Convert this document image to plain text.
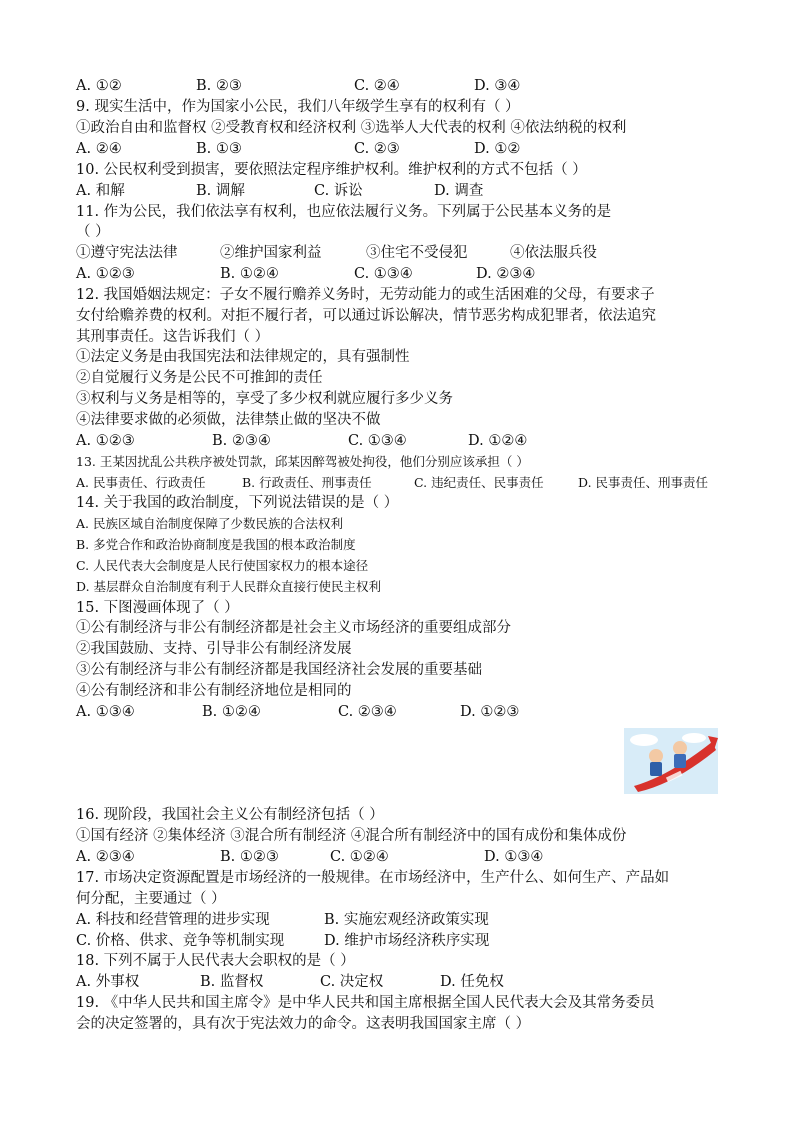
A. ①②	B. ②③	C. ②④	D. ③④
9. 现实生活中，作为国家小公民，我们八年级学生享有的权利有（ ）
①政治自由和监督权 ②受教育权和经济权利 ③选举人大代表的权利 ④依法纳税的权利
A. ②④	B. ①③	C. ②③	D. ①②
10. 公民权利受到损害，要依照法定程序维护权利。维护权利的方式不包括（ ）
A. 和解	B. 调解	C. 诉讼	D. 调查
11. 作为公民，我们依法享有权利，也应依法履行义务。下列属于公民基本义务的是
（ ）
①遵守宪法法律	②维护国家利益	③住宅不受侵犯	④依法服兵役
A. ①②③	B. ①②④	C. ①③④	D. ②③④
12. 我国婚姻法规定：子女不履行赡养义务时，无劳动能力的或生活困难的父母，有要求子
女付给赡养费的权利。对拒不履行者，可以通过诉讼解决，情节恶劣构成犯罪者，依法追究
其刑事责任。这告诉我们（ ）
①法定义务是由我国宪法和法律规定的，具有强制性
②自觉履行义务是公民不可推卸的责任
③权利与义务是相等的，享受了多少权利就应履行多少义务
④法律要求做的必须做，法律禁止做的坚决不做
A. ①②③	B. ②③④	C. ①③④	D. ①②④
13. 王某因扰乱公共秩序被处罚款，邱某因醉驾被处拘役，他们分别应该承担（ ）
A. 民事责任、行政责任	B. 行政责任、刑事责任	C. 违纪责任、民事责任	D. 民事责任、刑事责任
14. 关于我国的政治制度，下列说法错误的是（ ）
A. 民族区域自治制度保障了少数民族的合法权利
B. 多党合作和政治协商制度是我国的根本政治制度
C. 人民代表大会制度是人民行使国家权力的根本途径
D. 基层群众自治制度有利于人民群众直接行使民主权利
15. 下图漫画体现了（ ）
①公有制经济与非公有制经济都是社会主义市场经济的重要组成部分
②我国鼓励、支持、引导非公有制经济发展
③公有制经济与非公有制经济都是我国经济社会发展的重要基础
④公有制经济和非公有制经济地位是相同的
A. ①③④	B. ①②④	C. ②③④	D. ①②③
16. 现阶段，我国社会主义公有制经济包括（ ）
①国有经济 ②集体经济 ③混合所有制经济 ④混合所有制经济中的国有成份和集体成份
A. ②③④	B. ①②③	C. ①②④	D. ①③④
17. 市场决定资源配置是市场经济的一般规律。在市场经济中，生产什么、如何生产、产品如
何分配，主要通过（ ）
A. 科技和经营管理的进步实现	B. 实施宏观经济政策实现
C. 价格、供求、竞争等机制实现	D. 维护市场经济秩序实现
18. 下列不属于人民代表大会职权的是（ ）
A. 外事权	B. 监督权	C. 决定权	D. 任免权
19. 《中华人民共和国主席令》是中华人民共和国主席根据全国人民代表大会及其常务委员
会的决定签署的，具有次于宪法效力的命令。这表明我国国家主席（ ）
